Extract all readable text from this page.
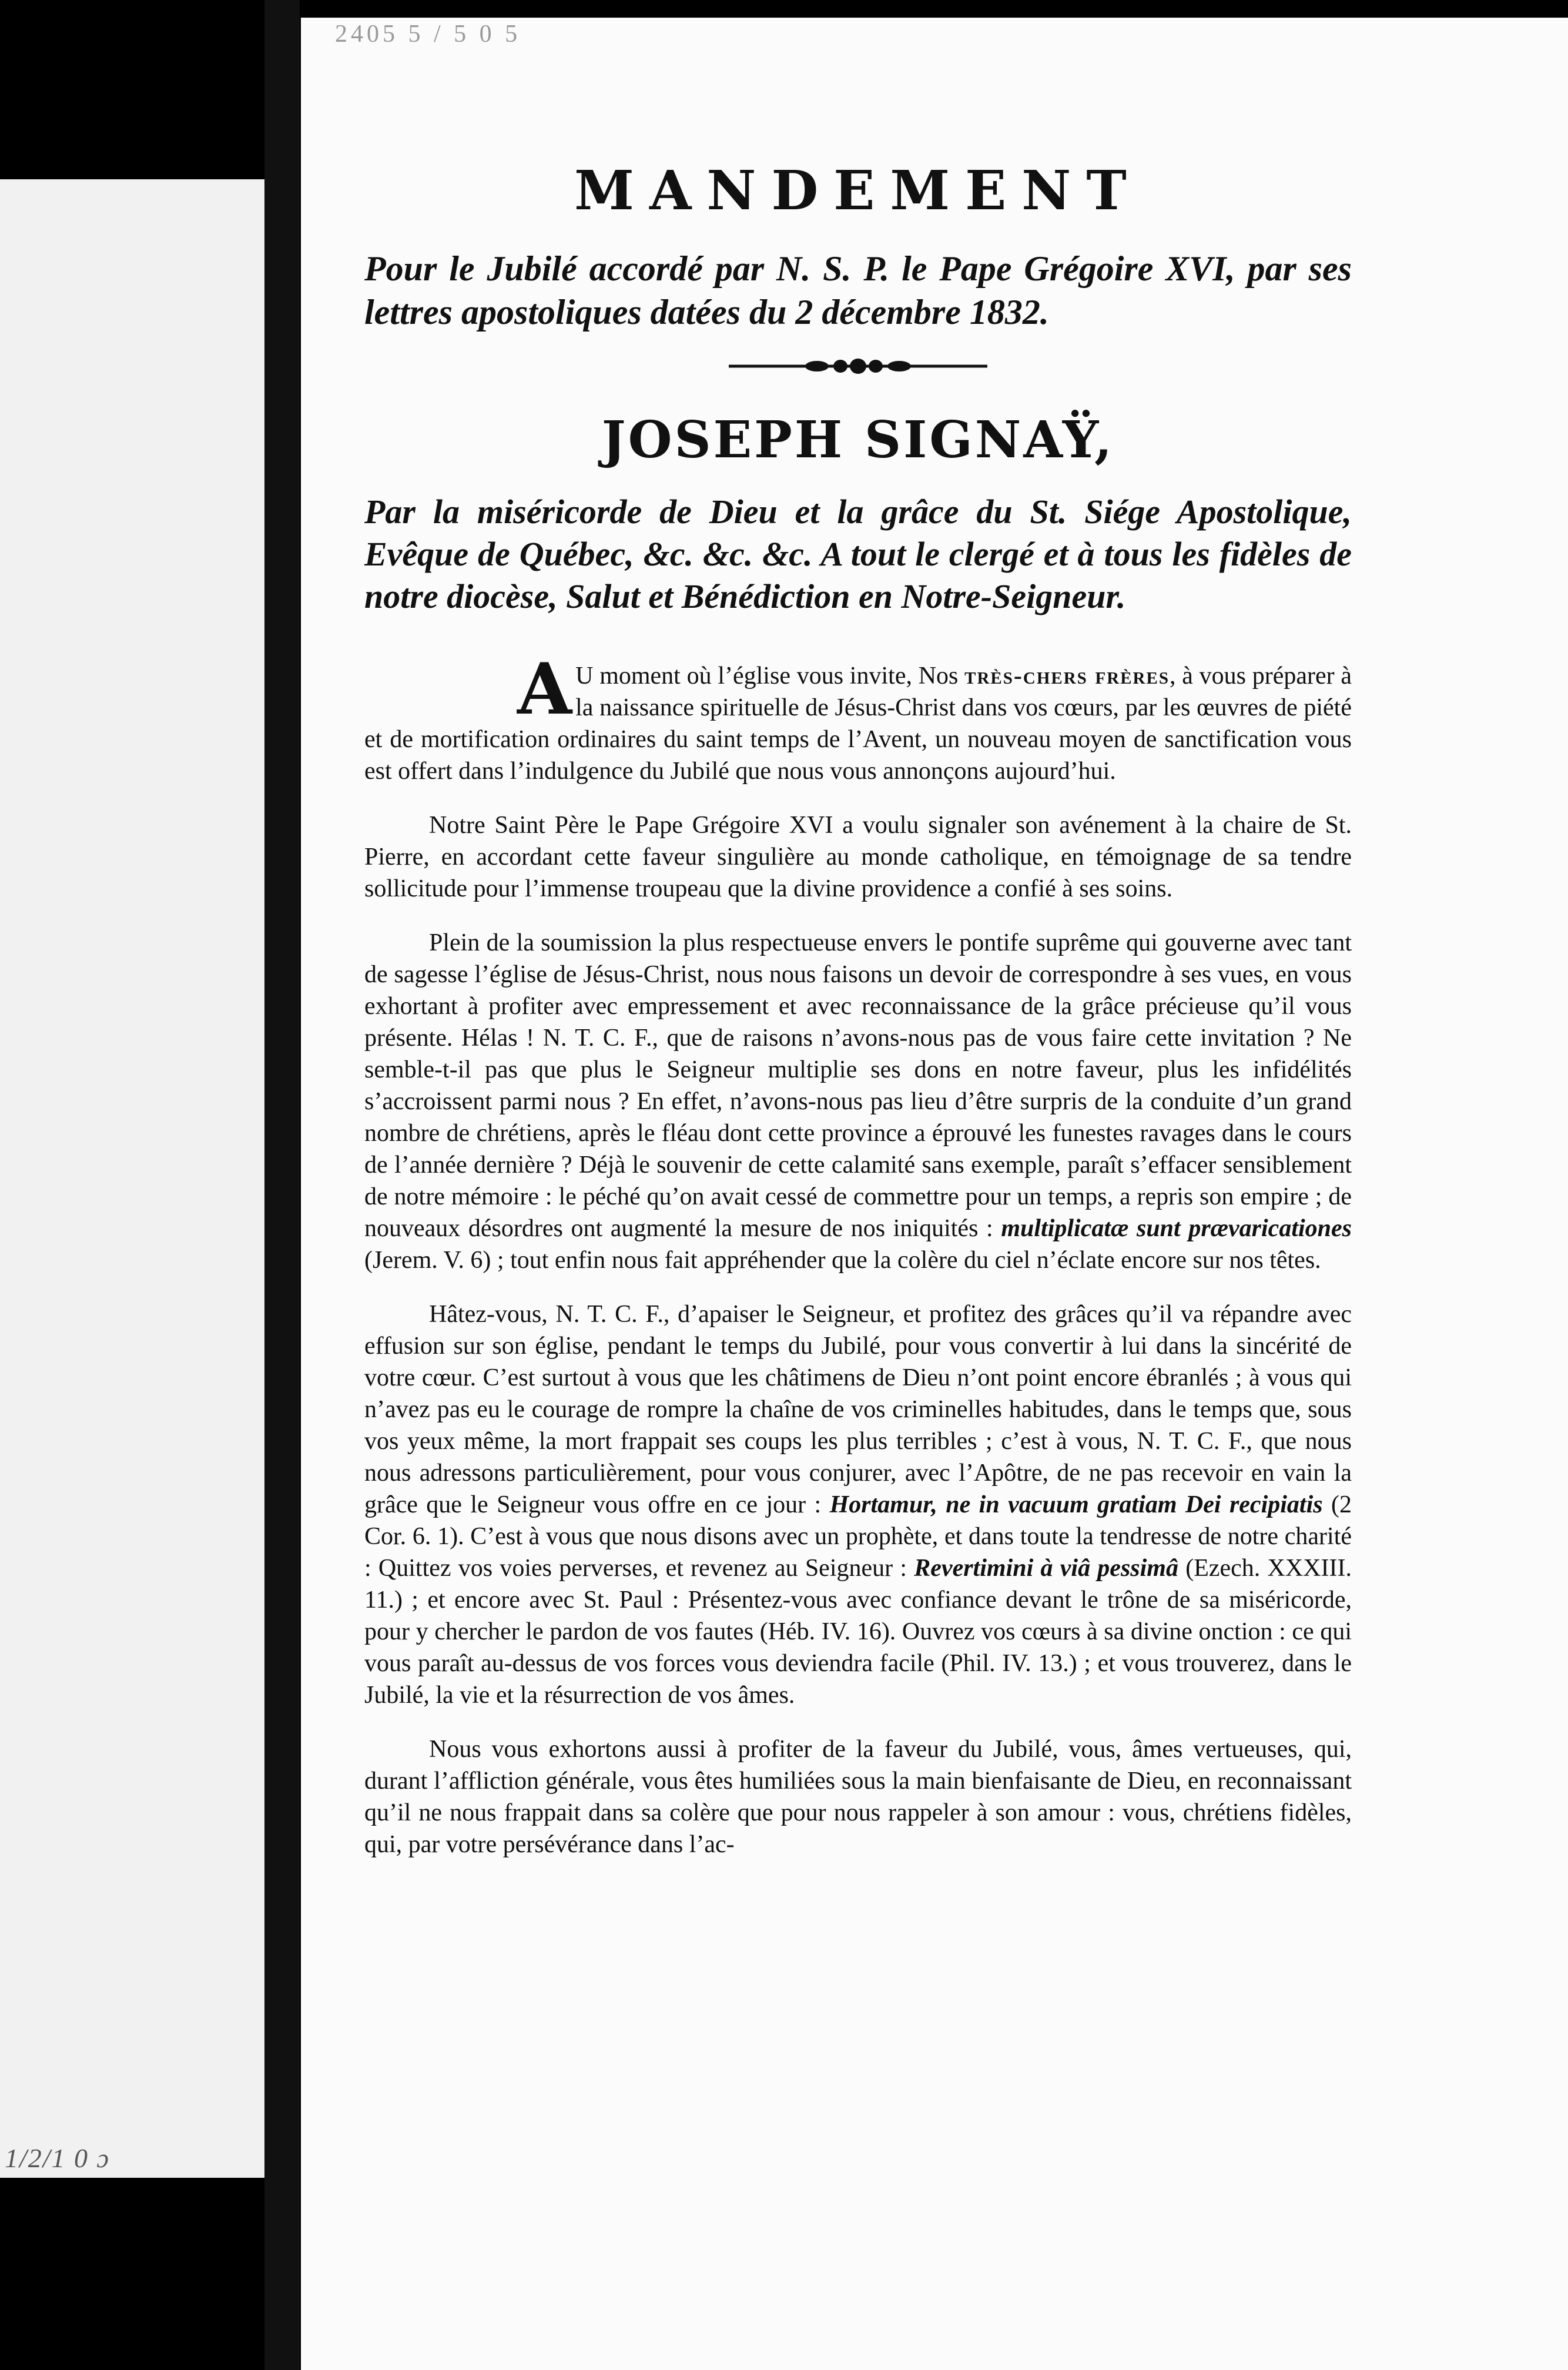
1/2/1 0 ɔ
2405 5 / 5 0 5
MANDEMENT
Pour le Jubilé accordé par N. S. P. le Pape Grégoire XVI, par ses lettres apostoliques datées du 2 décembre 1832.
JOSEPH SIGNAŸ,
Par la miséricorde de Dieu et la grâce du St. Siége Apostolique, Evêque de Québec, &c. &c. &c. A tout le clergé et à tous les fidèles de notre diocèse, Salut et Bénédiction en Notre-Seigneur.

A U moment où l’église vous invite, Nos très-chers frères, à vous préparer à la naissance spirituelle de Jésus-Christ dans vos cœurs, par les œuvres de piété et de mortification ordinaires du saint temps de l’Avent, un nouveau moyen de sanctification vous est offert dans l’indulgence du Jubilé que nous vous annonçons aujourd’hui.

Notre Saint Père le Pape Grégoire XVI a voulu signaler son avénement à la chaire de St. Pierre, en accordant cette faveur singulière au monde catholique, en témoignage de sa tendre sollicitude pour l’immense troupeau que la divine providence a confié à ses soins.

Plein de la soumission la plus respectueuse envers le pontife suprême qui gouverne avec tant de sagesse l’église de Jésus-Christ, nous nous faisons un devoir de correspondre à ses vues, en vous exhortant à profiter avec empressement et avec reconnaissance de la grâce précieuse qu’il vous présente. Hélas ! N. T. C. F., que de raisons n’avons-nous pas de vous faire cette invitation ? Ne semble-t-il pas que plus le Seigneur multiplie ses dons en notre faveur, plus les infidélités s’accroissent parmi nous ? En effet, n’avons-nous pas lieu d’être surpris de la conduite d’un grand nombre de chrétiens, après le fléau dont cette province a éprouvé les funestes ravages dans le cours de l’année dernière ? Déjà le souvenir de cette calamité sans exemple, paraît s’effacer sensiblement de notre mémoire : le péché qu’on avait cessé de commettre pour un temps, a repris son empire ; de nouveaux désordres ont augmenté la mesure de nos iniquités : multiplicatæ sunt prævaricationes (Jerem. V. 6) ; tout enfin nous fait appréhender que la colère du ciel n’éclate encore sur nos têtes.

Hâtez-vous, N. T. C. F., d’apaiser le Seigneur, et profitez des grâces qu’il va répandre avec effusion sur son église, pendant le temps du Jubilé, pour vous convertir à lui dans la sincérité de votre cœur. C’est surtout à vous que les châtimens de Dieu n’ont point encore ébranlés ; à vous qui n’avez pas eu le courage de rompre la chaîne de vos criminelles habitudes, dans le temps que, sous vos yeux même, la mort frappait ses coups les plus terribles ; c’est à vous, N. T. C. F., que nous nous adressons particulièrement, pour vous conjurer, avec l’Apôtre, de ne pas recevoir en vain la grâce que le Seigneur vous offre en ce jour : Hortamur, ne in vacuum gratiam Dei recipiatis (2 Cor. 6. 1). C’est à vous que nous disons avec un prophète, et dans toute la tendresse de notre charité : Quittez vos voies perverses, et revenez au Seigneur : Revertimini à viâ pessimâ (Ezech. XXXIII. 11.) ; et encore avec St. Paul : Présentez-vous avec confiance devant le trône de sa miséricorde, pour y chercher le pardon de vos fautes (Héb. IV. 16). Ouvrez vos cœurs à sa divine onction : ce qui vous paraît au-dessus de vos forces vous deviendra facile (Phil. IV. 13.) ; et vous trouverez, dans le Jubilé, la vie et la résurrection de vos âmes.

Nous vous exhortons aussi à profiter de la faveur du Jubilé, vous, âmes vertueuses, qui, durant l’affliction générale, vous êtes humiliées sous la main bienfaisante de Dieu, en reconnaissant qu’il ne nous frappait dans sa colère que pour nous rappeler à son amour : vous, chrétiens fidèles, qui, par votre persévérance dans l’ac-
